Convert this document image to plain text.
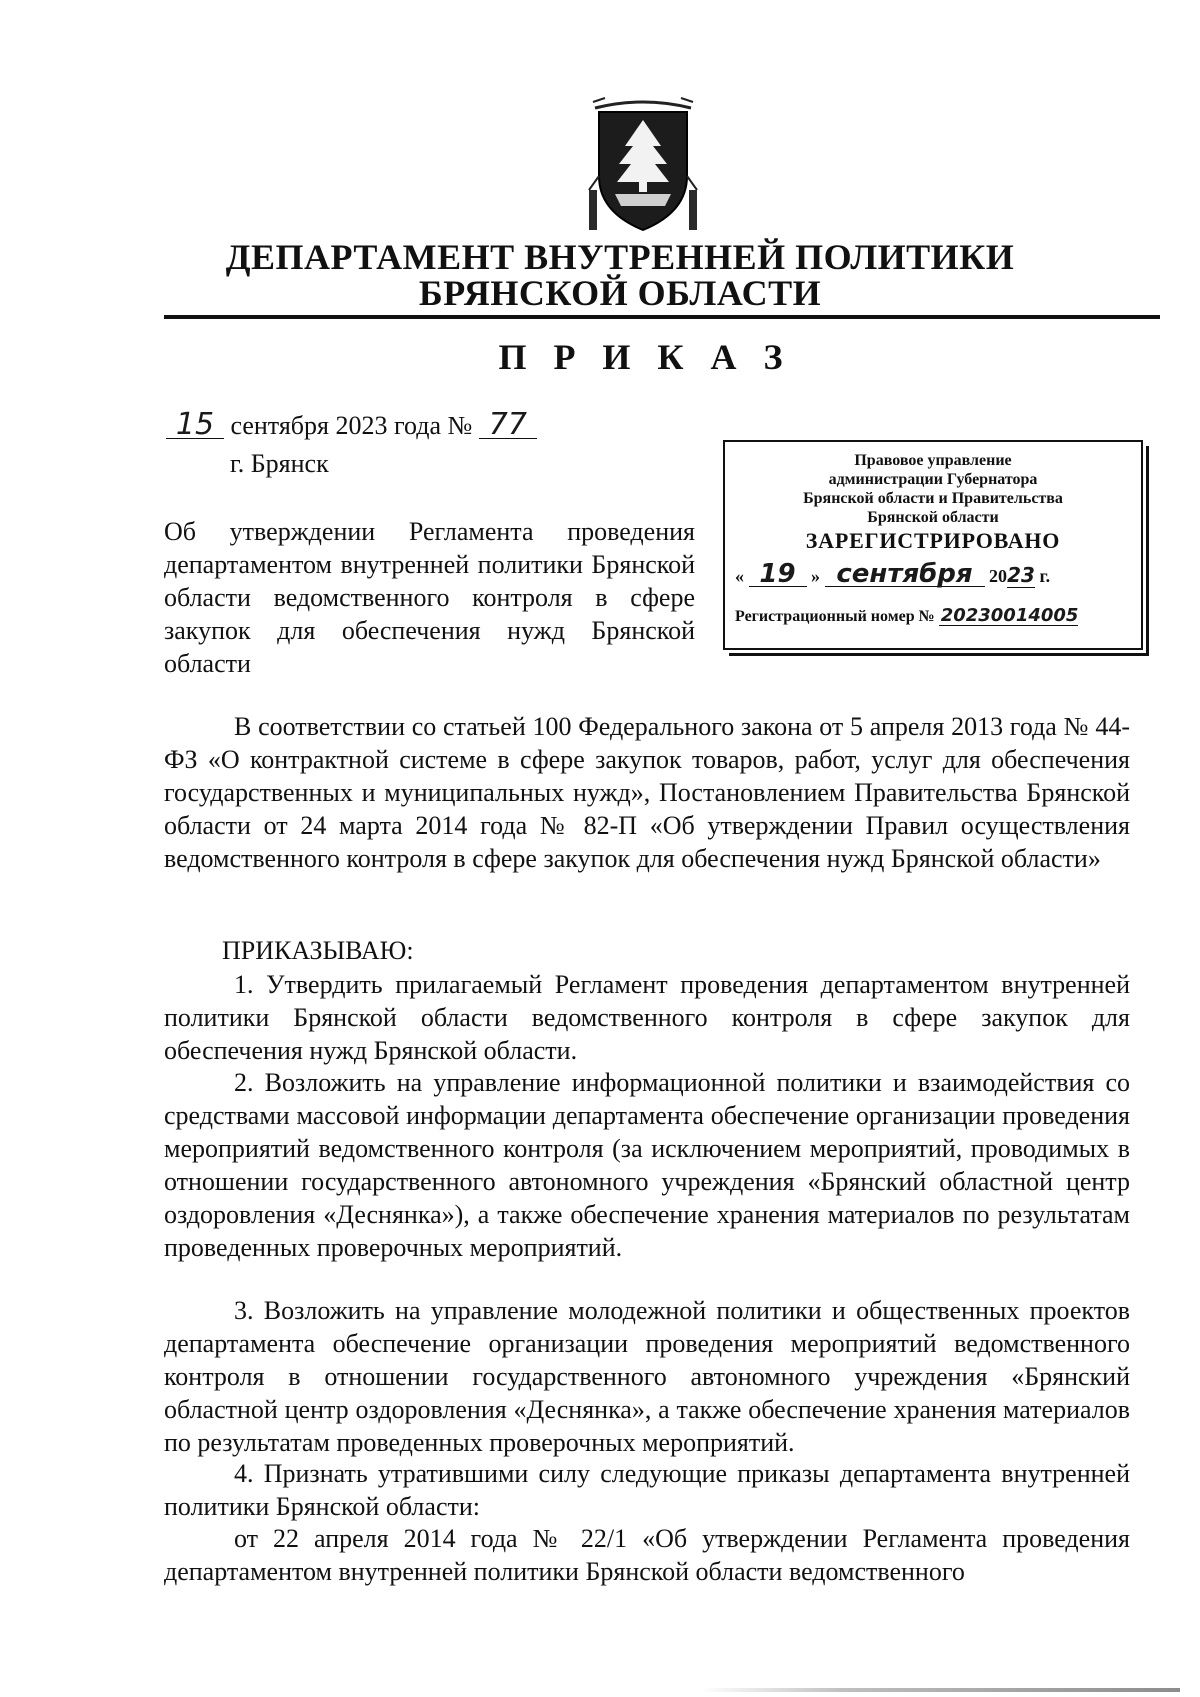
ДЕПАРТАМЕНТ ВНУТРЕННЕЙ ПОЛИТИКИ
БРЯНСКОЙ ОБЛАСТИ
П Р И К А З
15 сентября 2023 года № 77
г. Брянск
Об утверждении Регламента проведения департаментом внутренней политики Брянской области ведомственного контроля в сфере закупок для обеспечения нужд Брянской области
Правовое управление
администрации Губернатора
Брянской области и Правительства
Брянской области
ЗАРЕГИСТРИРОВАНО
« 19 » сентября 2023 г.
Регистрационный номер № 20230014005
В соответствии со статьей 100 Федерального закона от 5 апреля 2013 года № 44-ФЗ «О контрактной системе в сфере закупок товаров, работ, услуг для обеспечения государственных и муниципальных нужд», Постановлением Правительства Брянской области от 24 марта 2014 года № 82-П «Об утверждении Правил осуществления ведомственного контроля в сфере закупок для обеспечения нужд Брянской области»
ПРИКАЗЫВАЮ:
1. Утвердить прилагаемый Регламент проведения департаментом внутренней политики Брянской области ведомственного контроля в сфере закупок для обеспечения нужд Брянской области.
2. Возложить на управление информационной политики и взаимодействия со средствами массовой информации департамента обеспечение организации проведения мероприятий ведомственного контроля (за исключением мероприятий, проводимых в отношении государственного автономного учреждения «Брянский областной центр оздоровления «Деснянка»), а также обеспечение хранения материалов по результатам проведенных проверочных мероприятий.
3. Возложить на управление молодежной политики и общественных проектов департамента обеспечение организации проведения мероприятий ведомственного контроля в отношении государственного автономного учреждения «Брянский областной центр оздоровления «Деснянка», а также обеспечение хранения материалов по результатам проведенных проверочных мероприятий.
4. Признать утратившими силу следующие приказы департамента внутренней политики Брянской области:
от 22 апреля 2014 года № 22/1 «Об утверждении Регламента проведения департаментом внутренней политики Брянской области ведомственного
